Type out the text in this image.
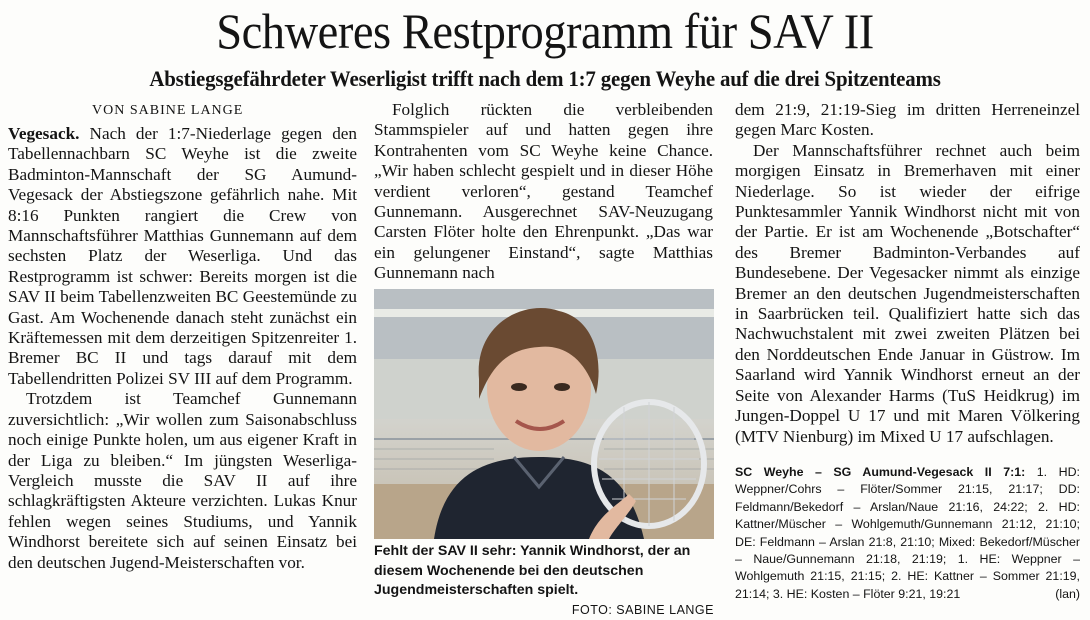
Schweres Restprogramm für SAV II
Abstiegsgefährdeter Weserligist trifft nach dem 1:7 gegen Weyhe auf die drei Spitzenteams
VON SABINE LANGE

Vegesack. Nach der 1:7-Niederlage gegen den Tabellennachbarn SC Weyhe ist die zweite Badminton-Mannschaft der SG Aumund-Vegesack der Abstiegszone gefährlich nahe. Mit 8:16 Punkten rangiert die Crew von Mannschaftsführer Matthias Gunnemann auf dem sechsten Platz der Weserliga. Und das Restprogramm ist schwer: Bereits morgen ist die SAV II beim Tabellenzweiten BC Geestemünde zu Gast. Am Wochenende danach steht zunächst ein Kräftemessen mit dem derzeitigen Spitzenreiter 1. Bremer BC II und tags darauf mit dem Tabellendritten Polizei SV III auf dem Programm.

Trotzdem ist Teamchef Gunnemann zuversichtlich: „Wir wollen zum Saisonabschluss noch einige Punkte holen, um aus eigener Kraft in der Liga zu bleiben.“ Im jüngsten Weserliga-Vergleich musste die SAV II auf ihre schlagkräftigsten Akteure verzichten. Lukas Knur fehlen wegen seines Studiums, und Yannik Windhorst bereitete sich auf seinen Einsatz bei den deutschen Jugend-Meisterschaften vor.

Folglich rückten die verbleibenden Stammspieler auf und hatten gegen ihre Kontrahenten vom SC Weyhe keine Chance. „Wir haben schlecht gespielt und in dieser Höhe verdient verloren“, gestand Teamchef Gunnemann. Ausgerechnet SAV-Neuzugang Carsten Flöter holte den Ehrenpunkt. „Das war ein gelungener Einstand“, sagte Matthias Gunnemann nach

Fehlt der SAV II sehr: Yannik Windhorst, der an diesem Wochenende bei den deutschen Jugendmeisterschaften spielt.
FOTO: SABINE LANGE

dem 21:9, 21:19-Sieg im dritten Herreneinzel gegen Marc Kosten.

Der Mannschaftsführer rechnet auch beim morgigen Einsatz in Bremerhaven mit einer Niederlage. So ist wieder der eifrige Punktesammler Yannik Windhorst nicht mit von der Partie. Er ist am Wochenende „Botschafter“ des Bremer Badminton-Verbandes auf Bundesebene. Der Vegesacker nimmt als einzige Bremer an den deutschen Jugendmeisterschaften in Saarbrücken teil. Qualifiziert hatte sich das Nachwuchstalent mit zwei zweiten Plätzen bei den Norddeutschen Ende Januar in Güstrow. Im Saarland wird Yannik Windhorst erneut an der Seite von Alexander Harms (TuS Heidkrug) im Jungen-Doppel U 17 und mit Maren Völkering (MTV Nienburg) im Mixed U 17 aufschlagen.

SC Weyhe – SG Aumund-Vegesack II 7:1: 1. HD: Weppner/Cohrs – Flöter/Sommer 21:15, 21:17; DD: Feldmann/Bekedorf – Arslan/Naue 21:16, 24:22; 2. HD: Kattner/Müscher – Wohlgemuth/Gunnemann 21:12, 21:10; DE: Feldmann – Arslan 21:8, 21:10; Mixed: Bekedorf/Müscher – Naue/Gunnemann 21:18, 21:19; 1. HE: Weppner – Wohlgemuth 21:15, 21:15; 2. HE: Kattner – Sommer 21:19, 21:14; 3. HE: Kosten – Flöter 9:21, 19:21	(lan)
